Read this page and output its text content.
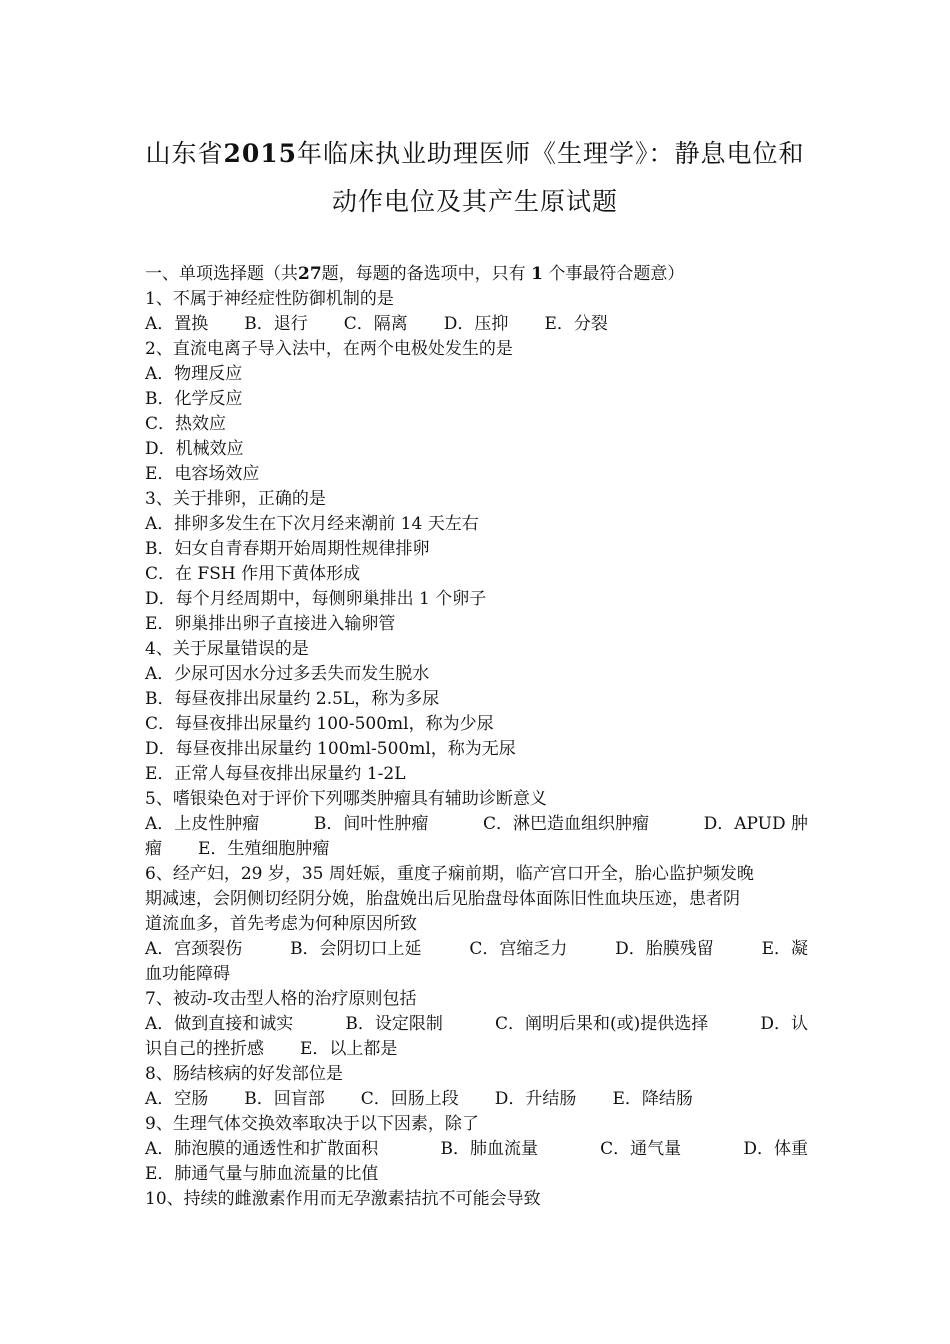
山东省2015年临床执业助理医师《生理学》：静息电位和
动作电位及其产生原试题
一、单项选择题（共27题，每题的备选项中，只有 1 个事最符合题意）
1、不属于神经症性防御机制的是
A．置换 B．退行 C．隔离 D．压抑 E．分裂
2、直流电离子导入法中，在两个电极处发生的是
A．物理反应
B．化学反应
C．热效应
D．机械效应
E．电容场效应
3、关于排卵，正确的是
A．排卵多发生在下次月经来潮前 14 天左右
B．妇女自青春期开始周期性规律排卵
C．在 FSH 作用下黄体形成
D．每个月经周期中，每侧卵巢排出 1 个卵子
E．卵巢排出卵子直接进入输卵管
4、关于尿量错误的是
A．少尿可因水分过多丢失而发生脱水
B．每昼夜排出尿量约 2.5L，称为多尿
C．每昼夜排出尿量约 100-500ml，称为少尿
D．每昼夜排出尿量约 100ml-500ml，称为无尿
E．正常人每昼夜排出尿量约 1-2L
5、嗜银染色对于评价下列哪类肿瘤具有辅助诊断意义
A．上皮性肿瘤	B．间叶性肿瘤	C．淋巴造血组织肿瘤	D．APUD 肿
瘤 E．生殖细胞肿瘤
6、经产妇，29 岁，35 周妊娠，重度子痫前期，临产宫口开全，胎心监护频发晚
期减速，会阴侧切经阴分娩，胎盘娩出后见胎盘母体面陈旧性血块压迹，患者阴
道流血多，首先考虑为何种原因所致
A．宫颈裂伤	B．会阴切口上延	C．宫缩乏力	D．胎膜残留	E．凝
血功能障碍
7、被动-攻击型人格的治疗原则包括
A．做到直接和诚实	B．设定限制	C．阐明后果和(或)提供选择	D．认
识自己的挫折感 E．以上都是
8、肠结核病的好发部位是
A．空肠 B．回盲部 C．回肠上段 D．升结肠 E．降结肠
9、生理气体交换效率取决于以下因素，除了
A．肺泡膜的通透性和扩散面积	B．肺血流量	C．通气量	D．体重
E．肺通气量与肺血流量的比值
10、持续的雌激素作用而无孕激素拮抗不可能会导致
